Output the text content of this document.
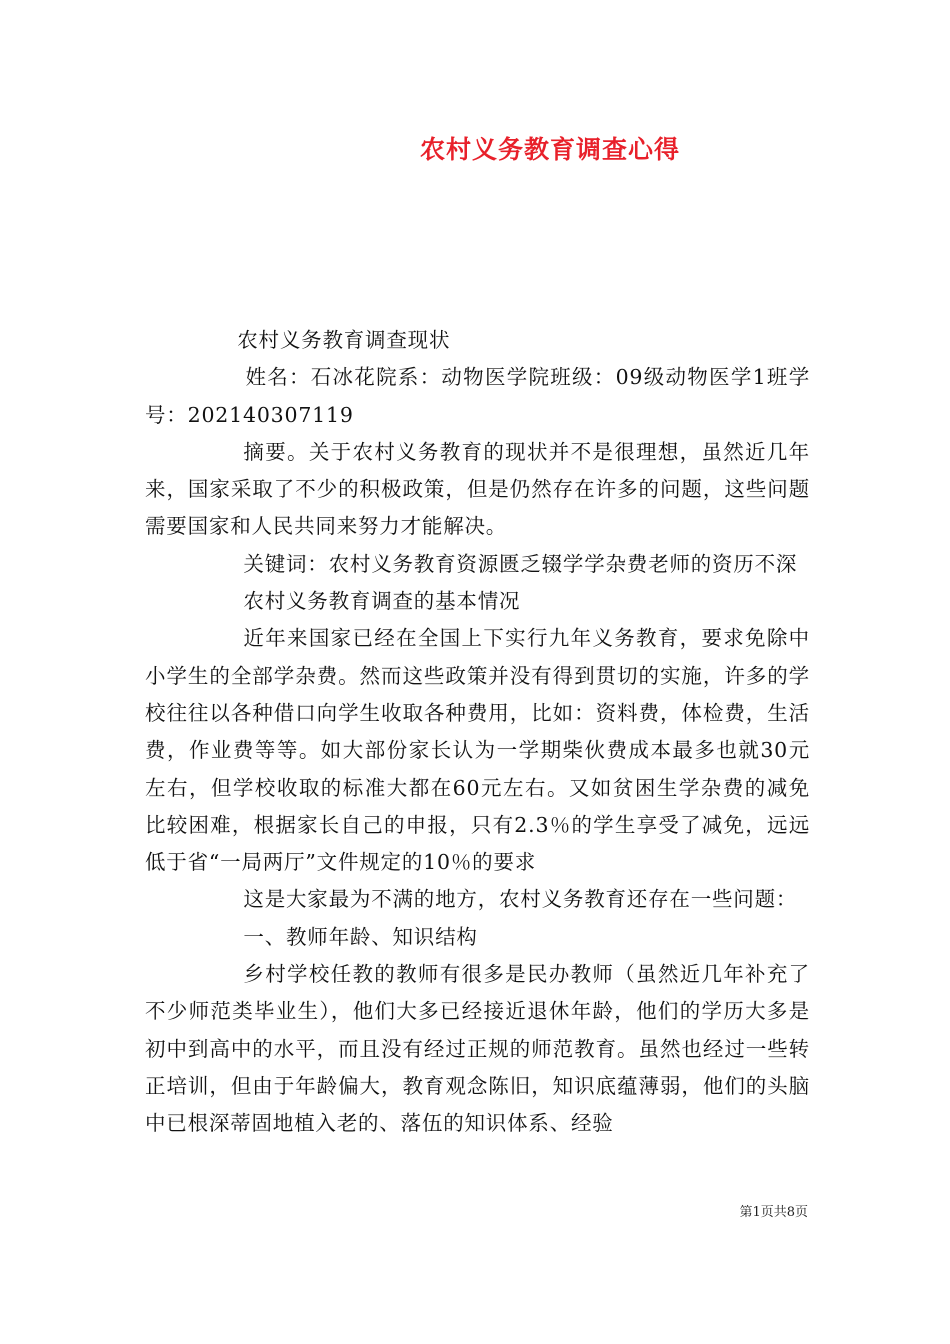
农村义务教育调查心得

农村义务教育调查现状

姓名：石冰花院系：动物医学院班级：09级动物医学1班学号：202140307119

摘要。关于农村义务教育的现状并不是很理想，虽然近几年来，国家采取了不少的积极政策，但是仍然存在许多的问题，这些问题需要国家和人民共同来努力才能解决。

关键词：农村义务教育资源匮乏辍学学杂费老师的资历不深

农村义务教育调查的基本情况

近年来国家已经在全国上下实行九年义务教育，要求免除中小学生的全部学杂费。然而这些政策并没有得到贯切的实施，许多的学校往往以各种借口向学生收取各种费用，比如：资料费，体检费，生活费，作业费等等。如大部份家长认为一学期柴伙费成本最多也就30元左右，但学校收取的标准大都在60元左右。又如贫困生学杂费的减免比较困难，根据家长自己的申报，只有2.3％的学生享受了减免，远远低于省“一局两厅”文件规定的10％的要求

这是大家最为不满的地方，农村义务教育还存在一些问题：

一、教师年龄、知识结构

乡村学校任教的教师有很多是民办教师（虽然近几年补充了不少师范类毕业生），他们大多已经接近退休年龄，他们的学历大多是初中到高中的水平，而且没有经过正规的师范教育。虽然也经过一些转正培训，但由于年龄偏大，教育观念陈旧，知识底蕴薄弱，他们的头脑中已根深蒂固地植入老的、落伍的知识体系、经验

第1页共8页
